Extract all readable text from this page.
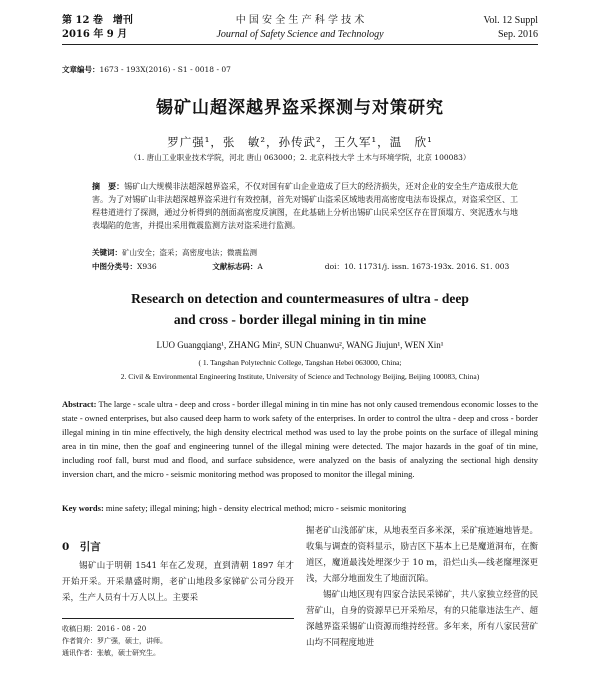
第 12 卷　增刊
2016 年 9 月
中 国 安 全 生 产 科 学 技 术
Journal of Safety Science and Technology
Vol. 12 Suppl
Sep. 2016
文章编号：1673 - 193X(2016) - S1 - 0018 - 07
锡矿山超深越界盗采探测与对策研究
罗广强¹，张　敏²，孙传武²，王久军¹，温　欣¹
（1. 唐山工业职业技术学院，河北 唐山 063000；2. 北京科技大学 土木与环境学院，北京 100083）
摘　要：锡矿山大规模非法超深越界盗采，不仅对国有矿山企业造成了巨大的经济损失，还对企业的安全生产造成很大危害。为了对锡矿山非法超深越界盗采进行有效控制，首先对锡矿山盗采区域地表用高密度电法布设探点，对盗采空区、工程巷道进行了探测，通过分析得到的剖面高密度反演图，在此基础上分析出锡矿山民采空区存在冒顶塌方、突泥透水与地表塌陷的危害，并提出采用微震监测方法对盗采进行监测。
关键词：矿山安全；盗采；高密度电法；微震监测
中图分类号：X936	文献标志码：A	doi：10. 11731/j. issn. 1673-193x. 2016. S1. 003
Research on detection and countermeasures of ultra - deep
and cross - border illegal mining in tin mine
LUO Guangqiang¹, ZHANG Min², SUN Chuanwu², WANG Jiujun¹, WEN Xin¹
( 1. Tangshan Polytechnic College, Tangshan Hebei 063000, China;
2. Civil & Environmental Engineering Institute, University of Science and Technology Beijing, Beijing 100083, China)
Abstract: The large - scale ultra - deep and cross - border illegal mining in tin mine has not only caused tremendous economic losses to the state - owned enterprises, but also caused deep harm to work safety of the enterprises. In order to control the ultra - deep and cross - border illegal mining in tin mine effectively, the high density electrical method was used to lay the probe points on the surface of illegal mining area in tin mine, then the goaf and engineering tunnel of the illegal mining were detected. The major hazards in the goaf of tin mine, including roof fall, burst mud and flood, and surface subsidence, were analyzed on the basis of analyzing the sectional high density inversion chart, and the micro - seismic monitoring method was proposed to monitor the illegal mining.
Key words: mine safety; illegal mining; high - density electrical method; micro - seismic monitoring
0　引言

锡矿山于明朝 1541 年在乙发现，直到清朝 1897 年才开始开采。开采鼎盛时期，老矿山地段多家锑矿公司分段开采，生产人员有十万人以上。主要采

掘老矿山浅部矿床，从地表至百多米深，采矿痕迹遍地皆是。收集与调查的资料显示，励吉区下基本上已是魔道洞布，在衡道区，魔道最浅处埋深少于 10 m，沿烂山头—线老窿埋深更浅，大部分地面发生了地面沉陷。

锡矿山地区现有四家合法民采锑矿，共八家独立经营的民营矿山，自身的资源早已开采殆尽，有的只能靠违法生产、超深越界盗采锡矿山资源而维持经营。多年来，所有八家民营矿山均不同程度地进

收稿日期：2016 - 08 - 20
作者简介：罗广强，硕士，讲师。
通讯作者：张敏，硕士研究生。
